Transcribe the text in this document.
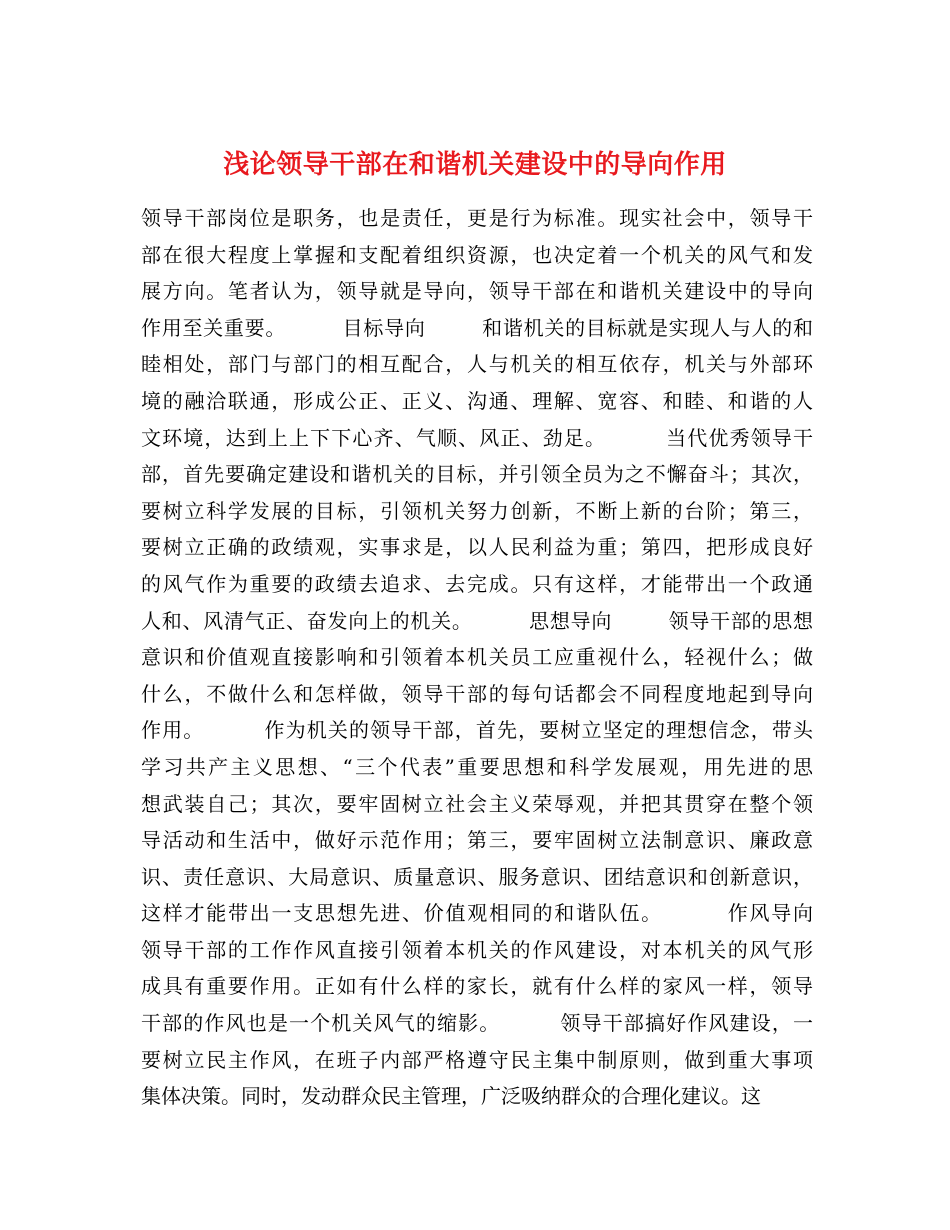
浅论领导干部在和谐机关建设中的导向作用
领导干部岗位是职务，也是责任，更是行为标准。现实社会中，领导干
部在很大程度上掌握和支配着组织资源，也决定着一个机关的风气和发
展方向。笔者认为，领导就是导向，领导干部在和谐机关建设中的导向
作用至关重要。        目标导向        和谐机关的目标就是实现人与人的和
睦相处，部门与部门的相互配合，人与机关的相互依存，机关与外部环
境的融洽联通，形成公正、正义、沟通、理解、宽容、和睦、和谐的人
文环境，达到上上下下心齐、气顺、风正、劲足。        当代优秀领导干
部，首先要确定建设和谐机关的目标，并引领全员为之不懈奋斗；其次，
要树立科学发展的目标，引领机关努力创新，不断上新的台阶；第三，
要树立正确的政绩观，实事求是，以人民利益为重；第四，把形成良好
的风气作为重要的政绩去追求、去完成。只有这样，才能带出一个政通
人和、风清气正、奋发向上的机关。        思想导向        领导干部的思想
意识和价值观直接影响和引领着本机关员工应重视什么，轻视什么；做
什么，不做什么和怎样做，领导干部的每句话都会不同程度地起到导向
作用。        作为机关的领导干部，首先，要树立坚定的理想信念，带头
学习共产主义思想、“三个代表”重要思想和科学发展观，用先进的思
想武装自己；其次，要牢固树立社会主义荣辱观，并把其贯穿在整个领
导活动和生活中，做好示范作用；第三，要牢固树立法制意识、廉政意
识、责任意识、大局意识、质量意识、服务意识、团结意识和创新意识，
这样才能带出一支思想先进、价值观相同的和谐队伍。        作风导向
领导干部的工作作风直接引领着本机关的作风建设，对本机关的风气形
成具有重要作用。正如有什么样的家长，就有什么样的家风一样，领导
干部的作风也是一个机关风气的缩影。        领导干部搞好作风建设，一
要树立民主作风，在班子内部严格遵守民主集中制原则，做到重大事项
集体决策。同时，发动群众民主管理，广泛吸纳群众的合理化建议。这
